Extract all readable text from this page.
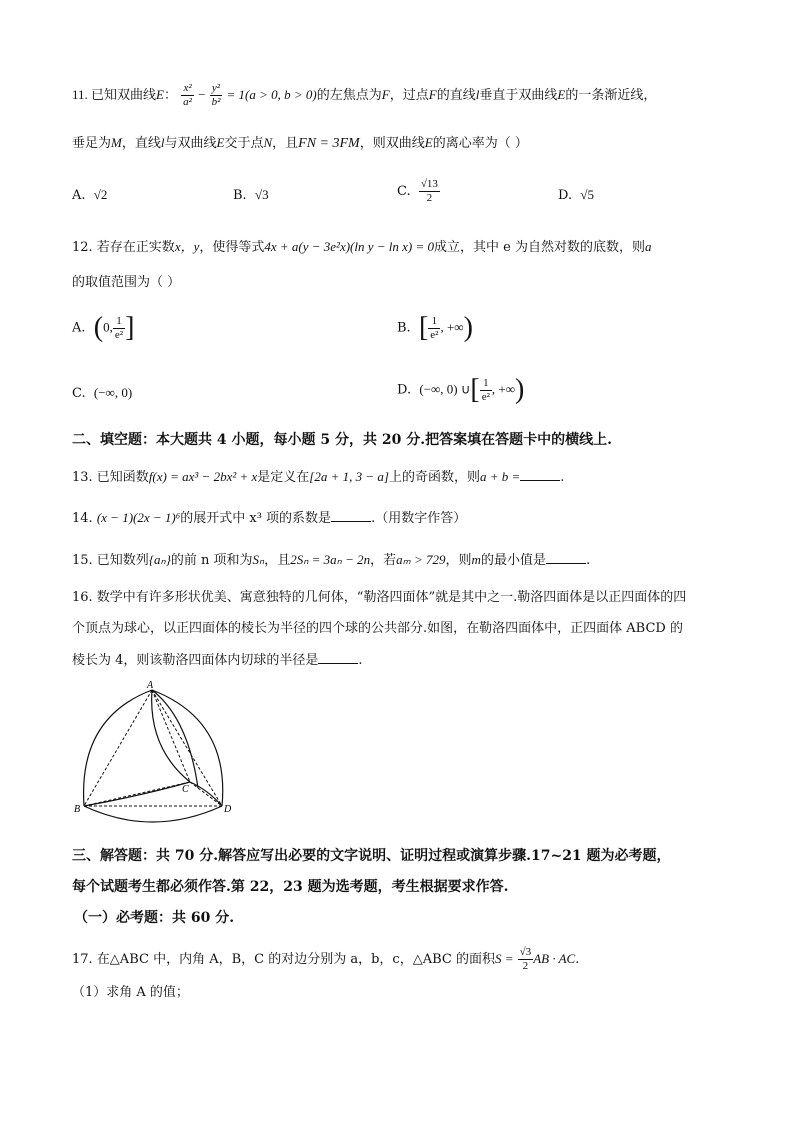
11. 已知双曲线E： $\frac{\text{x²}}{\text{a²}} - \frac{\text{y²}}{\text{b²}} = 1(a > 0$, b > 0)的左焦点为F，过点F的直线l垂直于双曲线E的一条渐近线，
垂足为M，直线l与双曲线E交于点N，且FN = 3FM，则双曲线E的离心率为（ ）
A. √2	B. √3	C. $\frac{√13}{2}$	D. √5
12. 若存在正实数x，y，使得等式4x + a(y − 3e²x)(ln y − ln x) = 0成立，其中 e 为自然对数的底数，则a
的取值范围为（ ）
A. (0, $\frac{1}{\text{e²}}$ ]	B. [ $\frac{1}{\text{e²}}$ , +∞)
C. (−∞, 0)	D. (−∞, 0) ∪[ $\frac{1}{\text{e²}}$ , +∞)
二、填空题：本大题共 4 小题，每小题 5 分，共 20 分.把答案填在答题卡中的横线上.
13. 已知函数f(x) = ax³ − 2bx² + x是定义在[2a + 1, 3 − a]上的奇函数，则a + b =	.
14. (x − 1)(2x − 1)⁶的展开式中 x³ 项的系数是	.（用数字作答）
15. 已知数列{aₙ}的前 n 项和为Sₙ，且2Sₙ = 3aₙ − 2n，若aₘ > 729，则m的最小值是	.
16. 数学中有许多形状优美、寓意独特的几何体，“勒洛四面体”就是其中之一.勒洛四面体是以正四面体的四
个顶点为球心，以正四面体的棱长为半径的四个球的公共部分.如图，在勒洛四面体中，正四面体 ABCD 的
棱长为 4，则该勒洛四面体内切球的半径是	.
A
B
C
D
三、解答题：共 70 分.解答应写出必要的文字说明、证明过程或演算步骤.17~21 题为必考题，
每个试题考生都必须作答.第 22，23 题为选考题，考生根据要求作答.
（一）必考题：共 60 分.
17. 在△ABC 中，内角 A，B，C 的对边分别为 a，b，c，△ABC 的面积$S = \frac{√3}{2}$ AB · AC.
（1）求角 A 的值；
